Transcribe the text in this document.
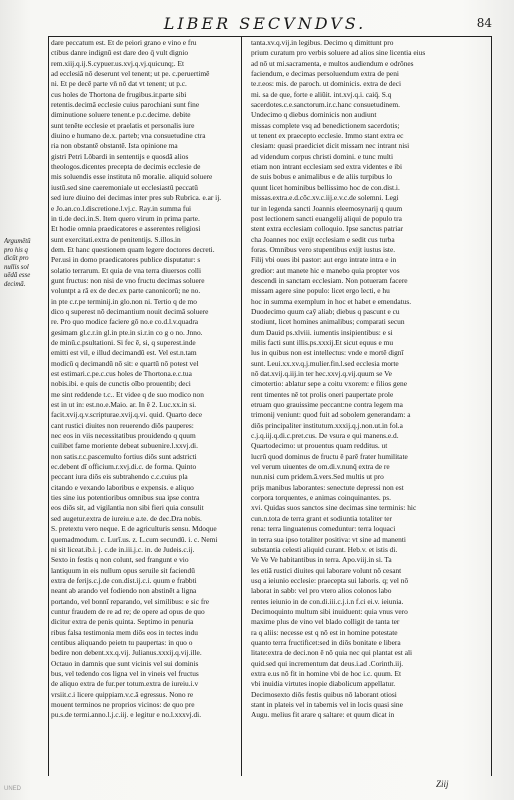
LIBER SECVNDVS.	84
Argumētū
pro his q
dicūt pro
nullis sol
uēdā esse
decimā.
dare peccatum est. Et de peiori grano e vino e fru
ctibus danre indignū est dare deo q̄ vult dignio
rem.xiij.q.ij.S.cypuer.us.xvj.q.vj.quicunq;. Et
ad ecclesiā nō deserunt vel tenent; ut pe. c.peruertimē
ni. Et pe decē parte vn̄ nō dat vt tenent; ut p.c.
cus holes de Thortona de frugibus.ir.parte sibi
retentis.decimā ecclesie cuius parochiani sunt fine
diminutione soluere tenent.e p.c.decime. debite
sunt tenēte ecclesie et praelatis et personalis iure
diuino e humano de.x. parteb; vna consuetudine ctra
ria non obstantē obstantē. Ista opinione ma
gistri Petri Lōbardi in sententijs e quosdā alios
theologos.dicentes precepta de decimis ecclesie de
mis soluendis esse instituta nō moralie. aliquid soluere
iustū.sed sine caeremoniale ut ecclesiastū peccatū
sed iure diuino dei decimas inter pres sub Rubrica. e.ar ij.
e Jo.an.co.l.discretione.l.vj.c. Ray.in summa fui
in ti.de deci.in.S. Item quero virum in prima parte.
Et hodie omnia praedicatores e asserentes religiosi
sunt exercitati.extra de penitentijs. S.illos.in
dem. Et hanc questionem quam legere doctores decreti.
Per.usi in domo praedicatores publice disputatur: s
solatio terrarum. Et quia de vna terra diuersos colli
gunt fructus: non nisi de vno fructu decimas soluere
voluntpt a rā ex de dec.ex parte canonicorū; ne no.
in pte c.r.pe terminij.in glo.non ni. Tertio q de mo
dico q superest nō decimantium nouit decimā soluere
re. Pro quo modice faciere gō no.e co.d.l.v.quadra
gesimam gl.c.r.in gl.in pte.in si.r.in co g o no. Jnno.
de minū.c.psultationi. Si fec ē, si, q superest.inde
emitti est vil, e illud decimandū est. Vel est.n.tam
modicū q decimandū nō sit: e quartū nō potest vel
est estimari.c.pe.c.cus holes de Thortona.e.c.tua
nobis.ibi. e quis de cunctis oībo prouentib; deci
me sint reddende t.c.. Et videe q de suo modico non
est in ut in: est.no.e.Maio. ar. In ē 2. Luc.xx.in si.
facit.xvij.q.v.scripturae.xvij.q.vi. quid. Quarto dece
cant rustici diuites non reuerendo diōs pauperes:
nec eos in viis necessitatibus prouidendo q quum
cuilibet fame moriente debeat subuenire.l.xxvj.di.
non satis.r.c.pascemulto fortius diōs sunt adstricti
ec.debent dī officium.r.xvj.di.c. de forma. Quinto
peccant iura diōs eis subtrahendo c.c.cuius pla
citando e vexando laboribus e expensis. e aliquo
ties sine ius potentioribus omnibus sua ipse contra
eos diōs sit, ad vigilantia non sibi fieri quia consulit
sed augetur.extra de iureiu.e a.te. de dec.Dra nobis.
S. pretextu vero neque. E de agriculturis sensu. Mdoque
quemadmodum. c. Lurī.us. z. L.cum secundū. i. c. Nemi
ni sit liceat.ib.i. j. c.de in.iii.j.c. in. de Judeis.c.ij.
Sexto in festis q non colunt, sed frangunt e vio
lantiquum in eis nullum opus seruile sit faciendū
extra de ferijs.c.j.de con.dist.ij.c.i. quum e frabbti
neant ab arando vel fodiendo non abstinēt a ligna
portando, vel bonnī reparando, vel similibus: e sic fre
cuntur fraudem de re ad re; de opere ad opus de quo
dicitur extra de penis quinta. Septimo in penuria
ribus falsa testimonia mem diōs eos in tectes indu
centibus aliquando peietn tu paupertas: in quo o
bedire non debent.xx.q.vij. Julianus.xxxij.q.vij.ille.
Octauo in damnis que sunt vicinis vel sui dominis
bus, vel tedendo cos ligna vel in vineis vel fructus
de aliquo extra de fur.per totum.extra de iureiu.i.v
vrsiit.c.i licere quippiam.v.c.ā egressus. Nono re
mouent terminos ne proprios vicinos: de quo pre
pu.s.de termi.anno.l.j.c.iij. e legitur e no.l.xxxvj.di.
tanta.xv.q.vij.in legibus. Decimo q dimittunt pro
prium curatum pro verbis soluere ad alios sine licentia eius
ad nō ut mi.sacramenta, e multos audiendum e odrōnes
faciendum, e decimas persoluendum extra de peni
te.r.eos: mis. de paroch. ut dominicis. extra de deci
mi. sa de que, forte e aliūit. int.xvj.q.i. caiq̄. S.q
sacerdotes.c.e.sanctorum.ir.c.hanc consuetudinem.
Undecimo q diebus dominicis non audiunt
missas complete vsq ad benedictionem sacerdotis;
ut tenent ex praecepto ecclesie. Immo stant extra ec
clesiam: quasi praediciet dicit missam nec intrant nisi
ad videndum corpus christi domini. e tunc multi
etiam non intrant ecclesiam sed extra videntes e ibi
de suis bobus e animalibus e de aliis turpibus lo
quunt licet hominibus bellissimo hoc de con.dist.i.
missas.extra.e.d.cōc.xv.c.iij.e.v.c.de solemni. Legi
tur in legenda sancti Joannis eleemosynarij q quum
post lectionem sancti euangelij aliqui de populo tra
stent extra ecclesiam colloquio. Ipse sanctus patriar
cha Joannes noc exijt ecclesiam e sedit cus turba
foras. Omnibus vero stupentibus exijt iustus iste.
Filij vbi oues ibi pastor: aut ergo intrate intra e in
gredior: aut manete hic e manebo quia propter vos
descendi in sanctam ecclesiam. Non potueram facere
missam agere sine populo: licet ergo lecti, e hu
hoc in summa exemplum in hoc et habet e emendatus.
Duodecimo quum caȳ aliab; diebus q pascunt e cu
stodiunt, licet homines animalibus; comparati secun
dum Dauid ps.xlviii. iumentis insipientibus: e si
milis facti sunt illis.ps.xxxij.Et sicut equus e mu
lus in quibus non est intellectus: vnde e mortē dignī
sunt. Leui.xx.xv.q.j.mulier.fin.l.sed ecclesia morte
nō dat.xvij.q.iij.in ter hec.xxvj.q.vij.quum se Ve
cimotertio: ablatur sepe a coitu vxorem: e filios gene
rent timentes nē tot prolis oneri paupertate prole
etruam quo grauissime peccant:ne contra legem ma
trimonij veniunt: quod fuit ad sobolem generandam: a
diōs principaliter institutum.xxxij.q.j.non.ut.in fol.a
c.j.q.iij.q.di.c.pret.cus. De vsura e qui manens.e.d.
Quartodecimo: ut prouentus quam redditus. ut
lucrū quod dominus de fructu ē parē frater humilitate
vel verum uiuentes de om.di.v.nunq̄ extra de re
nun.nisi cum pridem.ā.vers.Sed multis ut pro
prijs manibus laborantes: senectute depressi non est
corpora torquentes, e animas coinquinantes. ps.
xvi. Quidas suos sanctos sine decimas sine terminis: hic
cun.n.tota de terra grant et sodiuntia totaliter ter
rena: terra linguatenus comeduntur: terra loquaci
in terra sua ipso totaliter positiva: vt sine ad manenti
substantia celesti aliquid curant. Heb.v. et istis di.
Ve Ve Ve habitantibus in terra. Apo.viij.in si. Ta
les etiā rustici diuites qui laborare volunt nō cesant
usq a ieiunio ecclesie: praecepta sui laboris. q; vel nō
laborat in sabb: vel pro vtero alios colonos labo
rentes ieiunio in de con.di.iii.c.j.i.n f.ci ei.v. ieiunia.
Decimoquinto multum sibi inuiduent: quia vnus vero
maxime plus de vino vel blado colligit de tanta ter
ra q aliis: necesse est q nō est in homine potestate
quanto terra fructificet:sed in diōs bonitate e libera
litate:extra de deci.non ē nō quia nec qui plantat est ali
quid.sed qui incrementum dat deus.i.ad .Corinth.iij.
extra e.us nō fit in homine vbi de hoc i.c. quum. Et
vbi inuidia virtutes inopie diabolicum appellatur.
Decimosexto diōs festis quibus nō laborant otiosi
stant in plateis vel in tabernis vel in locis quasi sine
Augu. melius fit arare q saltare: et quum dicat in
Ziij
UNED
